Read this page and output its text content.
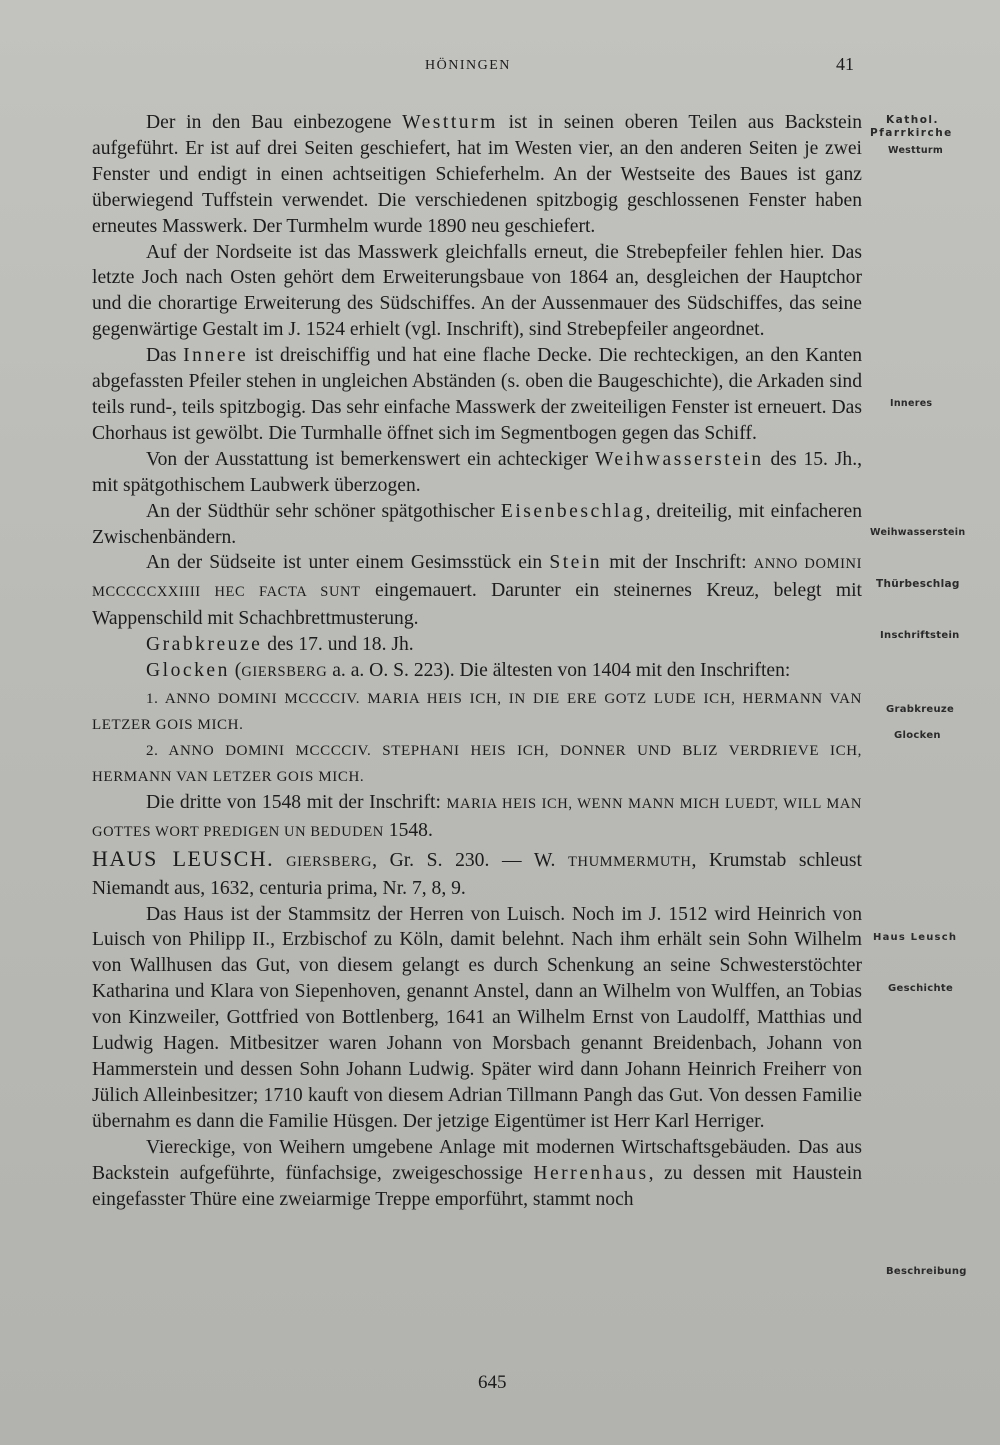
HÖNINGEN	41
Kathol.
Pfarrkirche
Westturm
Inneres
Weihwasserstein
Thürbeschlag
Inschriftstein
Grabkreuze
Glocken
Haus Leusch
Geschichte
Beschreibung

Der in den Bau einbezogene Westturm ist in seinen oberen Teilen aus Backstein aufgeführt. Er ist auf drei Seiten geschiefert, hat im Westen vier, an den anderen Seiten je zwei Fenster und endigt in einen achtseitigen Schieferhelm. An der Westseite des Baues ist ganz überwiegend Tuffstein verwendet. Die verschiedenen spitzbogig geschlossenen Fenster haben erneutes Masswerk. Der Turmhelm wurde 1890 neu geschiefert.

Auf der Nordseite ist das Masswerk gleichfalls erneut, die Strebepfeiler fehlen hier. Das letzte Joch nach Osten gehört dem Erweiterungsbaue von 1864 an, desgleichen der Hauptchor und die chorartige Erweiterung des Südschiffes. An der Aussenmauer des Südschiffes, das seine gegenwärtige Gestalt im J. 1524 erhielt (vgl. Inschrift), sind Strebepfeiler angeordnet.

Das Innere ist dreischiffig und hat eine flache Decke. Die rechteckigen, an den Kanten abgefassten Pfeiler stehen in ungleichen Abständen (s. oben die Baugeschichte), die Arkaden sind teils rund-, teils spitzbogig. Das sehr einfache Masswerk der zweiteiligen Fenster ist erneuert. Das Chorhaus ist gewölbt. Die Turmhalle öffnet sich im Segmentbogen gegen das Schiff.

Von der Ausstattung ist bemerkenswert ein achteckiger Weihwasserstein des 15. Jh., mit spätgothischem Laubwerk überzogen.

An der Südthür sehr schöner spätgothischer Eisenbeschlag, dreiteilig, mit einfacheren Zwischenbändern.

An der Südseite ist unter einem Gesimsstück ein Stein mit der Inschrift: ANNO DOMINI MCCCCCXXIIII HEC FACTA SUNT eingemauert. Darunter ein steinernes Kreuz, belegt mit Wappenschild mit Schachbrettmusterung.

Grabkreuze des 17. und 18. Jh.

Glocken (GIERSBERG a. a. O. S. 223). Die ältesten von 1404 mit den Inschriften:

1. ANNO DOMINI MCCCCIV. MARIA HEIS ICH, IN DIE ERE GOTZ LUDE ICH, HERMANN VAN LETZER GOIS MICH.

2. ANNO DOMINI MCCCCIV. STEPHANI HEIS ICH, DONNER UND BLIZ VERDRIEVE ICH, HERMANN VAN LETZER GOIS MICH.

Die dritte von 1548 mit der Inschrift: MARIA HEIS ICH, WENN MANN MICH LUEDT, WILL MAN GOTTES WORT PREDIGEN UN BEDUDEN 1548.

HAUS LEUSCH. GIERSBERG, Gr. S. 230. — W. THUMMERMUTH, Krumstab schleust Niemandt aus, 1632, centuria prima, Nr. 7, 8, 9.

Das Haus ist der Stammsitz der Herren von Luisch. Noch im J. 1512 wird Heinrich von Luisch von Philipp II., Erzbischof zu Köln, damit belehnt. Nach ihm erhält sein Sohn Wilhelm von Wallhusen das Gut, von diesem gelangt es durch Schenkung an seine Schwesterstöchter Katharina und Klara von Siepenhoven, genannt Anstel, dann an Wilhelm von Wulffen, an Tobias von Kinzweiler, Gottfried von Bottlenberg, 1641 an Wilhelm Ernst von Laudolff, Matthias und Ludwig Hagen. Mitbesitzer waren Johann von Morsbach genannt Breidenbach, Johann von Hammerstein und dessen Sohn Johann Ludwig. Später wird dann Johann Heinrich Freiherr von Jülich Alleinbesitzer; 1710 kauft von diesem Adrian Tillmann Pangh das Gut. Von dessen Familie übernahm es dann die Familie Hüsgen. Der jetzige Eigentümer ist Herr Karl Herriger.

Viereckige, von Weihern umgebene Anlage mit modernen Wirtschaftsgebäuden. Das aus Backstein aufgeführte, fünfachsige, zweigeschossige Herrenhaus, zu dessen mit Haustein eingefasster Thüre eine zweiarmige Treppe emporführt, stammt noch

645
